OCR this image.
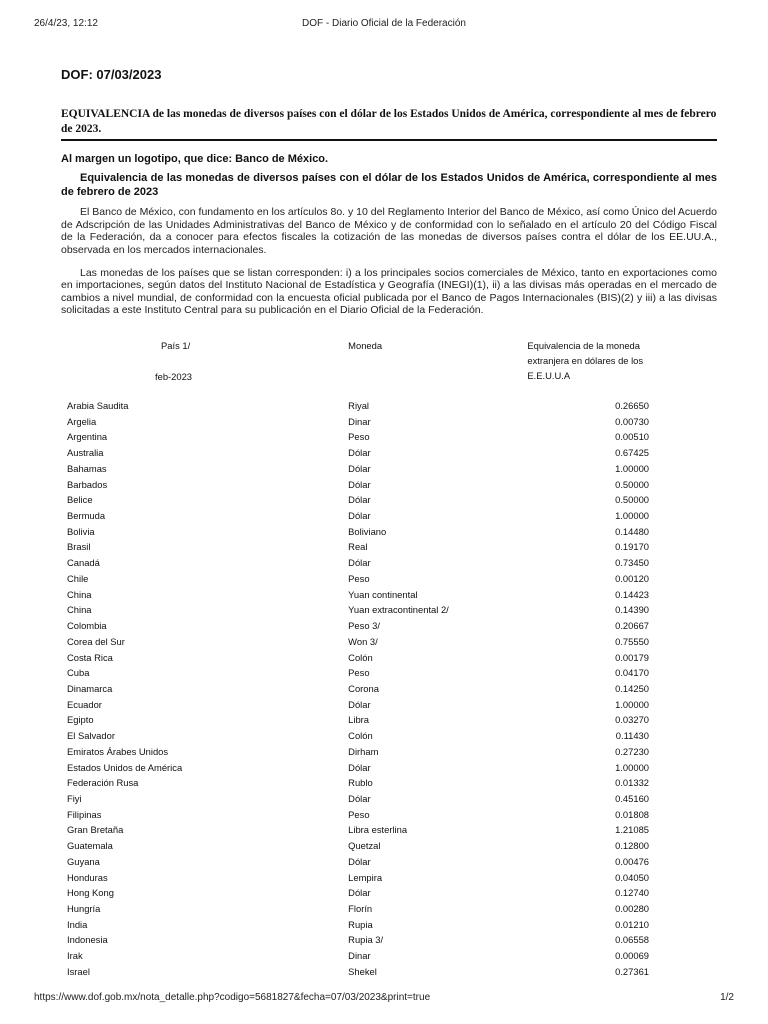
26/4/23, 12:12	DOF - Diario Oficial de la Federación
DOF: 07/03/2023
EQUIVALENCIA de las monedas de diversos países con el dólar de los Estados Unidos de América, correspondiente al mes de febrero de 2023.
Al margen un logotipo, que dice: Banco de México.
Equivalencia de las monedas de diversos países con el dólar de los Estados Unidos de América, correspondiente al mes de febrero de 2023

El Banco de México, con fundamento en los artículos 8o. y 10 del Reglamento Interior del Banco de México, así como Único del Acuerdo de Adscripción de las Unidades Administrativas del Banco de México y de conformidad con lo señalado en el artículo 20 del Código Fiscal de la Federación, da a conocer para efectos fiscales la cotización de las monedas de diversos países contra el dólar de los EE.UU.A., observada en los mercados internacionales.

Las monedas de los países que se listan corresponden: i) a los principales socios comerciales de México, tanto en exportaciones como en importaciones, según datos del Instituto Nacional de Estadística y Geografía (INEGI)(1), ii) a las divisas más operadas en el mercado de cambios a nivel mundial, de conformidad con la encuesta oficial publicada por el Banco de Pagos Internacionales (BIS)(2) y iii) a las divisas solicitadas a este Instituto Central para su publicación en el Diario Oficial de la Federación.

País 1/
feb-2023	Moneda	Equivalencia de la moneda extranjera en dólares de los E.E.U.U.A
Arabia Saudita	Riyal	0.26650
Argelia	Dinar	0.00730
Argentina	Peso	0.00510
Australia	Dólar	0.67425
Bahamas	Dólar	1.00000
Barbados	Dólar	0.50000
Belice	Dólar	0.50000
Bermuda	Dólar	1.00000
Bolivia	Boliviano	0.14480
Brasil	Real	0.19170
Canadá	Dólar	0.73450
Chile	Peso	0.00120
China	Yuan continental	0.14423
China	Yuan extracontinental 2/	0.14390
Colombia	Peso 3/	0.20667
Corea del Sur	Won 3/	0.75550
Costa Rica	Colón	0.00179
Cuba	Peso	0.04170
Dinamarca	Corona	0.14250
Ecuador	Dólar	1.00000
Egipto	Libra	0.03270
El Salvador	Colón	0.11430
Emiratos Árabes Unidos	Dirham	0.27230
Estados Unidos de América	Dólar	1.00000
Federación Rusa	Rublo	0.01332
Fiyi	Dólar	0.45160
Filipinas	Peso	0.01808
Gran Bretaña	Libra esterlina	1.21085
Guatemala	Quetzal	0.12800
Guyana	Dólar	0.00476
Honduras	Lempira	0.04050
Hong Kong	Dólar	0.12740
Hungría	Florín	0.00280
India	Rupia	0.01210
Indonesia	Rupia 3/	0.06558
Irak	Dinar	0.00069
Israel	Shekel	0.27361
https://www.dof.gob.mx/nota_detalle.php?codigo=5681827&fecha=07/03/2023&print=true	1/2
